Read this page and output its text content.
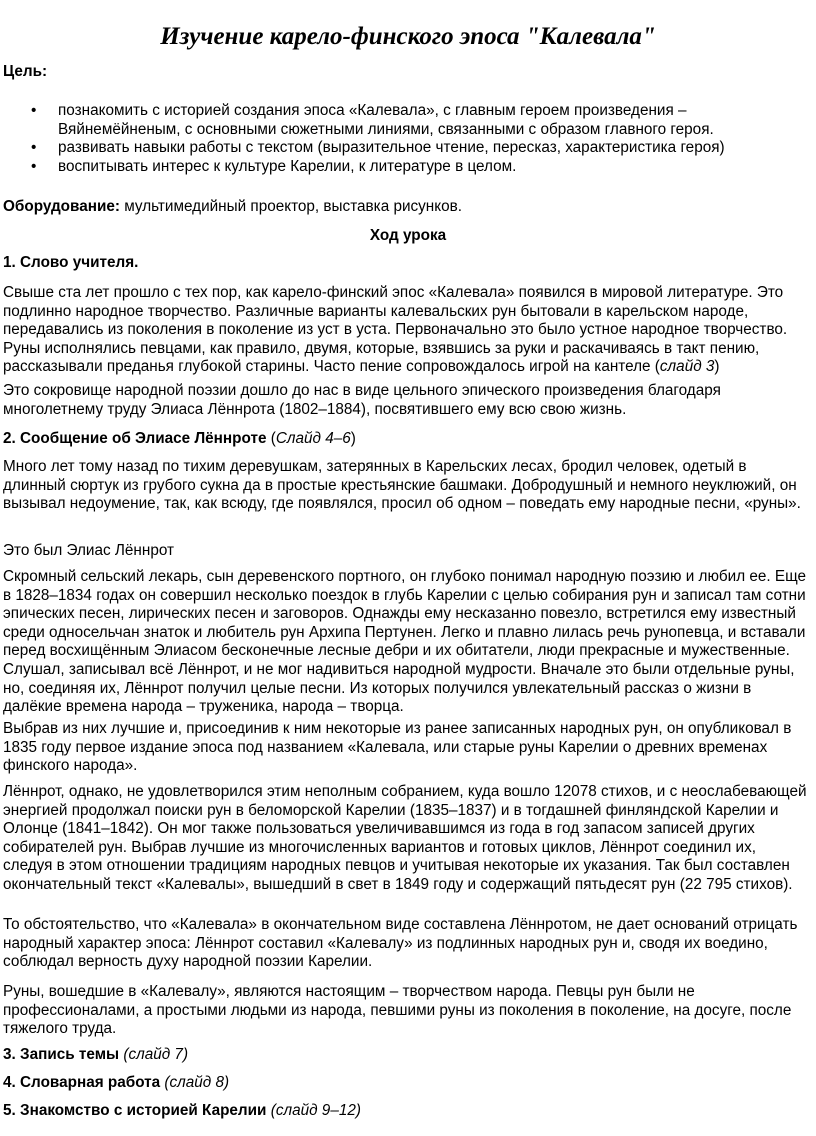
Изучение карело-финского эпоса "Калевала"

Цель:

• познакомить с историей создания эпоса «Калевала», с главным героем произведения – Вяйнемёйненым, с основными сюжетными линиями, связанными с образом главного героя.
• развивать навыки работы с текстом (выразительное чтение, пересказ, характеристика героя)
• воспитывать интерес к культуре Карелии, к литературе в целом.

Оборудование: мультимедийный проектор, выставка рисунков.

Ход урока

1. Слово учителя.

Свыше ста лет прошло с тех пор, как карело-финский эпос «Калевала» появился в мировой литературе. Это подлинно народное творчество. Различные варианты калевальских рун бытовали в карельском народе, передавались из поколения в поколение из уст в уста. Первоначально это было устное народное творчество. Руны исполнялись певцами, как правило, двумя, которые, взявшись за руки и раскачиваясь в такт пению, рассказывали преданья глубокой старины. Часто пение сопровождалось игрой на кантеле (слайд 3)

Это сокровище народной поэзии дошло до нас в виде цельного эпического произведения благодаря многолетнему труду Элиаса Лённрота (1802–1884), посвятившего ему всю свою жизнь.

2. Сообщение об Элиасе Лённроте (Слайд 4–6)

Много лет тому назад по тихим деревушкам, затерянных в Карельских лесах, бродил человек, одетый в длинный сюртук из грубого сукна да в простые крестьянские башмаки. Добродушный и немного неуклюжий, он вызывал недоумение, так, как всюду, где появлялся, просил об одном – поведать ему народные песни, «руны».

Это был Элиас Лённрот

Скромный сельский лекарь, сын деревенского портного, он глубоко понимал народную поэзию и любил ее. Еще в 1828–1834 годах он совершил несколько поездок в глубь Карелии с целью собирания рун и записал там сотни эпических песен, лирических песен и заговоров. Однажды ему несказанно повезло, встретился ему известный среди односельчан знаток и любитель рун Архипа Пертунен. Легко и плавно лилась речь рунопевца, и вставали перед восхищённым Элиасом бесконечные лесные дебри и их обитатели, люди прекрасные и мужественные. Слушал, записывал всё Лённрот, и не мог надивиться народной мудрости. Вначале это были отдельные руны, но, соединяя их, Лённрот получил целые песни. Из которых получился увлекательный рассказ о жизни в далёкие времена народа – труженика, народа – творца.

Выбрав из них лучшие и, присоединив к ним некоторые из ранее записанных народных рун, он опубликовал в 1835 году первое издание эпоса под названием «Калевала, или старые руны Карелии о древних временах финского народа».

Лённрот, однако, не удовлетворился этим неполным собранием, куда вошло 12078 стихов, и с неослабевающей энергией продолжал поиски рун в беломорской Карелии (1835–1837) и в тогдашней финляндской Карелии и Олонце (1841–1842). Он мог также пользоваться увеличивавшимся из года в год запасом записей других собирателей рун. Выбрав лучшие из многочисленных вариантов и готовых циклов, Лённрот соединил их, следуя в этом отношении традициям народных певцов и учитывая некоторые их указания. Так был составлен окончательный текст «Калевалы», вышедший в свет в 1849 году и содержащий пятьдесят рун (22 795 стихов).

То обстоятельство, что «Калевала» в окончательном виде составлена Лённротом, не дает оснований отрицать народный характер эпоса: Лённрот составил «Калевалу» из подлинных народных рун и, сводя их воедино, соблюдал верность духу народной поэзии Карелии.

Руны, вошедшие в «Калевалу», являются настоящим – творчеством народа. Певцы рун были не профессионалами, а простыми людьми из народа, певшими руны из поколения в поколение, на досуге, после тяжелого труда.

3. Запись темы (слайд 7)

4. Словарная работа (слайд 8)

5. Знакомство с историей Карелии (слайд 9–12)
